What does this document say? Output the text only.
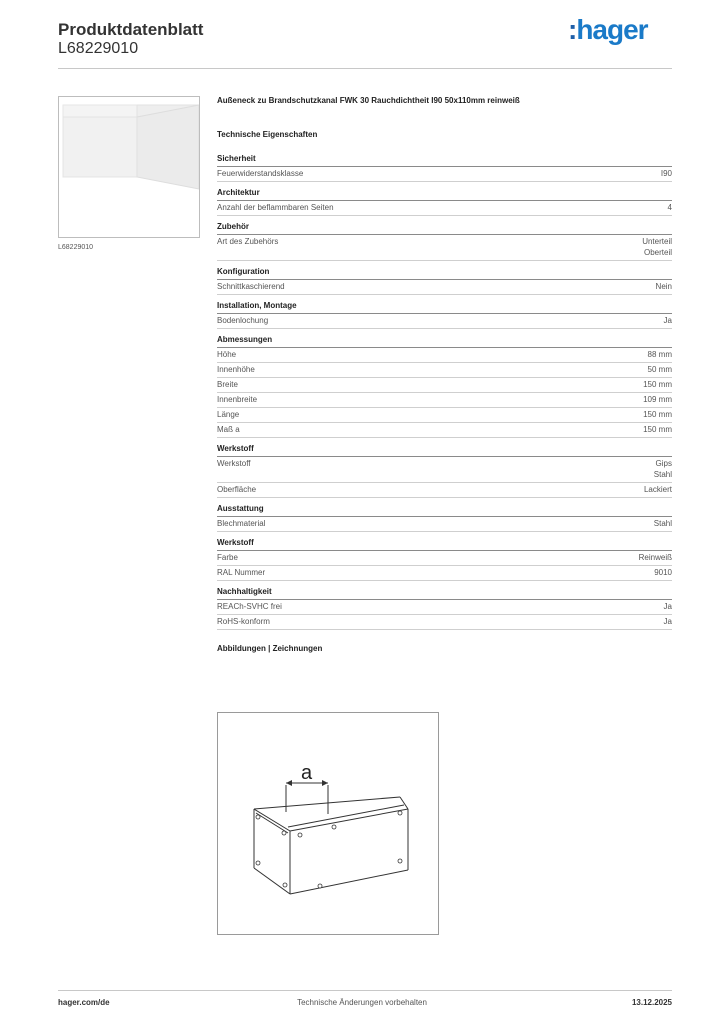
Produktdatenblatt
L68229010
:hager
L68229010
Außeneck zu Brandschutzkanal FWK 30 Rauchdichtheit I90 50x110mm reinweiß
Technische Eigenschaften
Sicherheit
Feuerwiderstandsklasse	I90
Architektur
Anzahl der beflammbaren Seiten	4
Zubehör
Art des Zubehörs	Unterteil
Oberteil
Konfiguration
Schnittkaschierend	Nein
Installation, Montage
Bodenlochung	Ja
Abmessungen
Höhe	88 mm
Innenhöhe	50 mm
Breite	150 mm
Innenbreite	109 mm
Länge	150 mm
Maß a	150 mm
Werkstoff
Werkstoff	Gips
Stahl
Oberfläche	Lackiert
Ausstattung
Blechmaterial	Stahl
Werkstoff
Farbe	Reinweiß
RAL Nummer	9010
Nachhaltigkeit
REACh-SVHC frei	Ja
RoHS-konform	Ja
Abbildungen | Zeichnungen
a
hager.com/de	Technische Änderungen vorbehalten	13.12.2025
